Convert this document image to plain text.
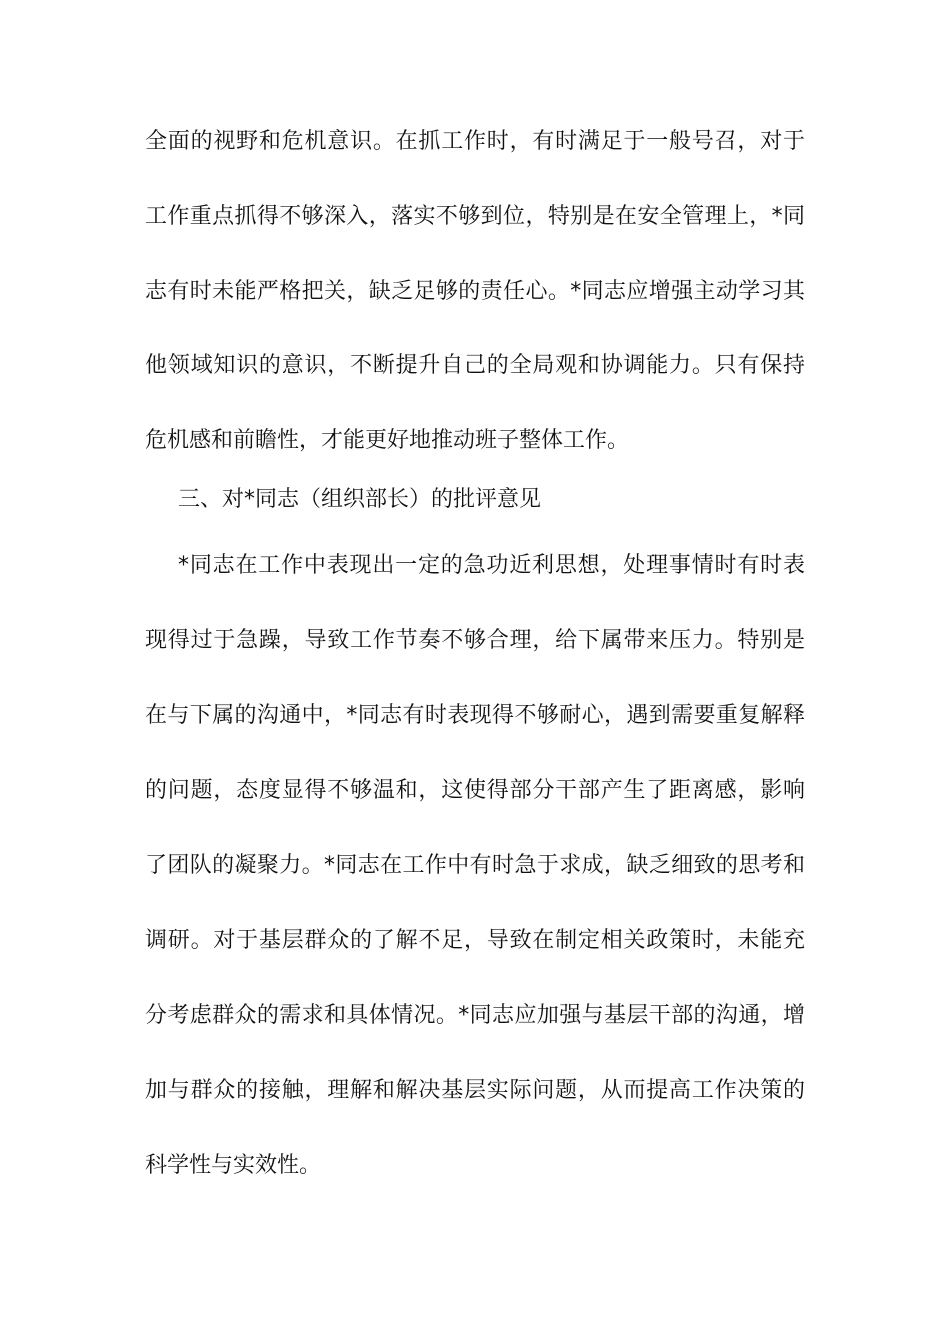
全面的视野和危机意识。在抓工作时，有时满足于一般号召，对于
工作重点抓得不够深入，落实不够到位，特别是在安全管理上，*同
志有时未能严格把关，缺乏足够的责任心。*同志应增强主动学习其
他领域知识的意识，不断提升自己的全局观和协调能力。只有保持
危机感和前瞻性，才能更好地推动班子整体工作。
三、对*同志（组织部长）的批评意见
*同志在工作中表现出一定的急功近利思想，处理事情时有时表
现得过于急躁，导致工作节奏不够合理，给下属带来压力。特别是
在与下属的沟通中，*同志有时表现得不够耐心，遇到需要重复解释
的问题，态度显得不够温和，这使得部分干部产生了距离感，影响
了团队的凝聚力。*同志在工作中有时急于求成，缺乏细致的思考和
调研。对于基层群众的了解不足，导致在制定相关政策时，未能充
分考虑群众的需求和具体情况。*同志应加强与基层干部的沟通，增
加与群众的接触，理解和解决基层实际问题，从而提高工作决策的
科学性与实效性。
